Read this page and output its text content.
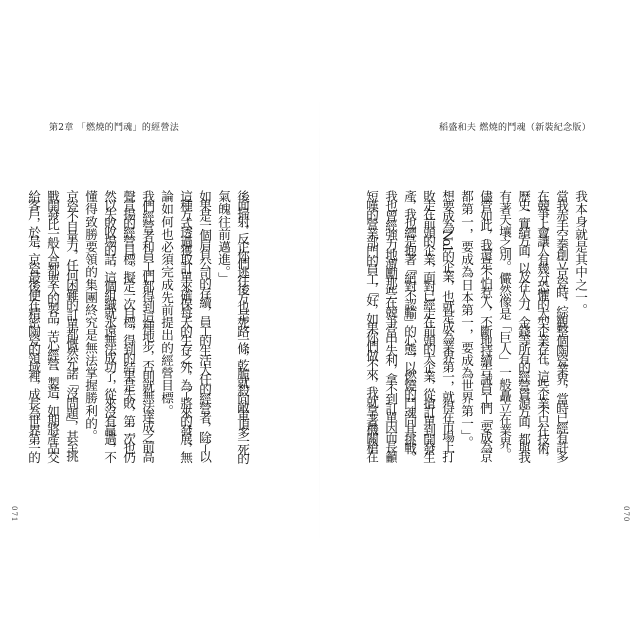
第2章 「燃燒的鬥魂」的經營法
後面掃射，反正你們逃往後方也是死路一條，乾脆就殺向敵軍頂多一死的
氣魄往前邁進。」
如果是一個肩負公司的存續，員工的生活大任的經營者，除了以
這種方式透過獲取訂單來確保每天的生存之外，為了將來的發展，無
論如何也必須完成先前提出的經營目標。
我們經營者和員工們都得到這種地步，否則就無法達成之前高
聲宣揚的經營目標。擬定一次目標，得到的結果是失敗，第二次也仍
然以失敗收場的話，這個組織就永遠無法成功了，從來沒有贏過，不
懂得致勝要領的集團終究是無法掌握勝利的。
京瓷不自量力，任何困難的訂單都慨然允諾「沒問題」，甚至挑
戰開發比一般人高都要大的製品，苦心經營、製造，如期將產品交
給客戶，於是，京瓷最後便在精密陶瓷的領域裡，成長為世界第一的
071
稻盛和夫 燃燒的鬥魂（新裝紀念版）
我本身就是其中之一。
當我赤手空拳創立京瓷時，綜觀整個陶瓷業界，當時已經有許多
在競爭上會讓人有幾分恐懼的大型企業存在。這些企業不只在技術，
歷史、實績方面，以及在人力、金錢等所有的經營資源方面，都與我
有著天壤之別。儼然像是「巨人」一般矗立在業界。
儘管如此，我還是不怕惹人，不斷地持續告誡員工們「要成為京
都第一，要成為日本第一，要成為世界第一」。
想要成為No.1的企業，也就是成為業界第一，就得在市場上打
敗走在前頭的企業，面對已經走在前頭的大企業，從搶訂單到開發生
產，我也總是抱著「絕對不認輸」的心態，以燃燒的鬥魂向其挑戰。
我也曾經強力地激勵那些在競爭當中失利，拿不到訂單因而長籲
短嘆的營業部門的員工，「好，如果你們做不來，我就拿著機關槍在
070
